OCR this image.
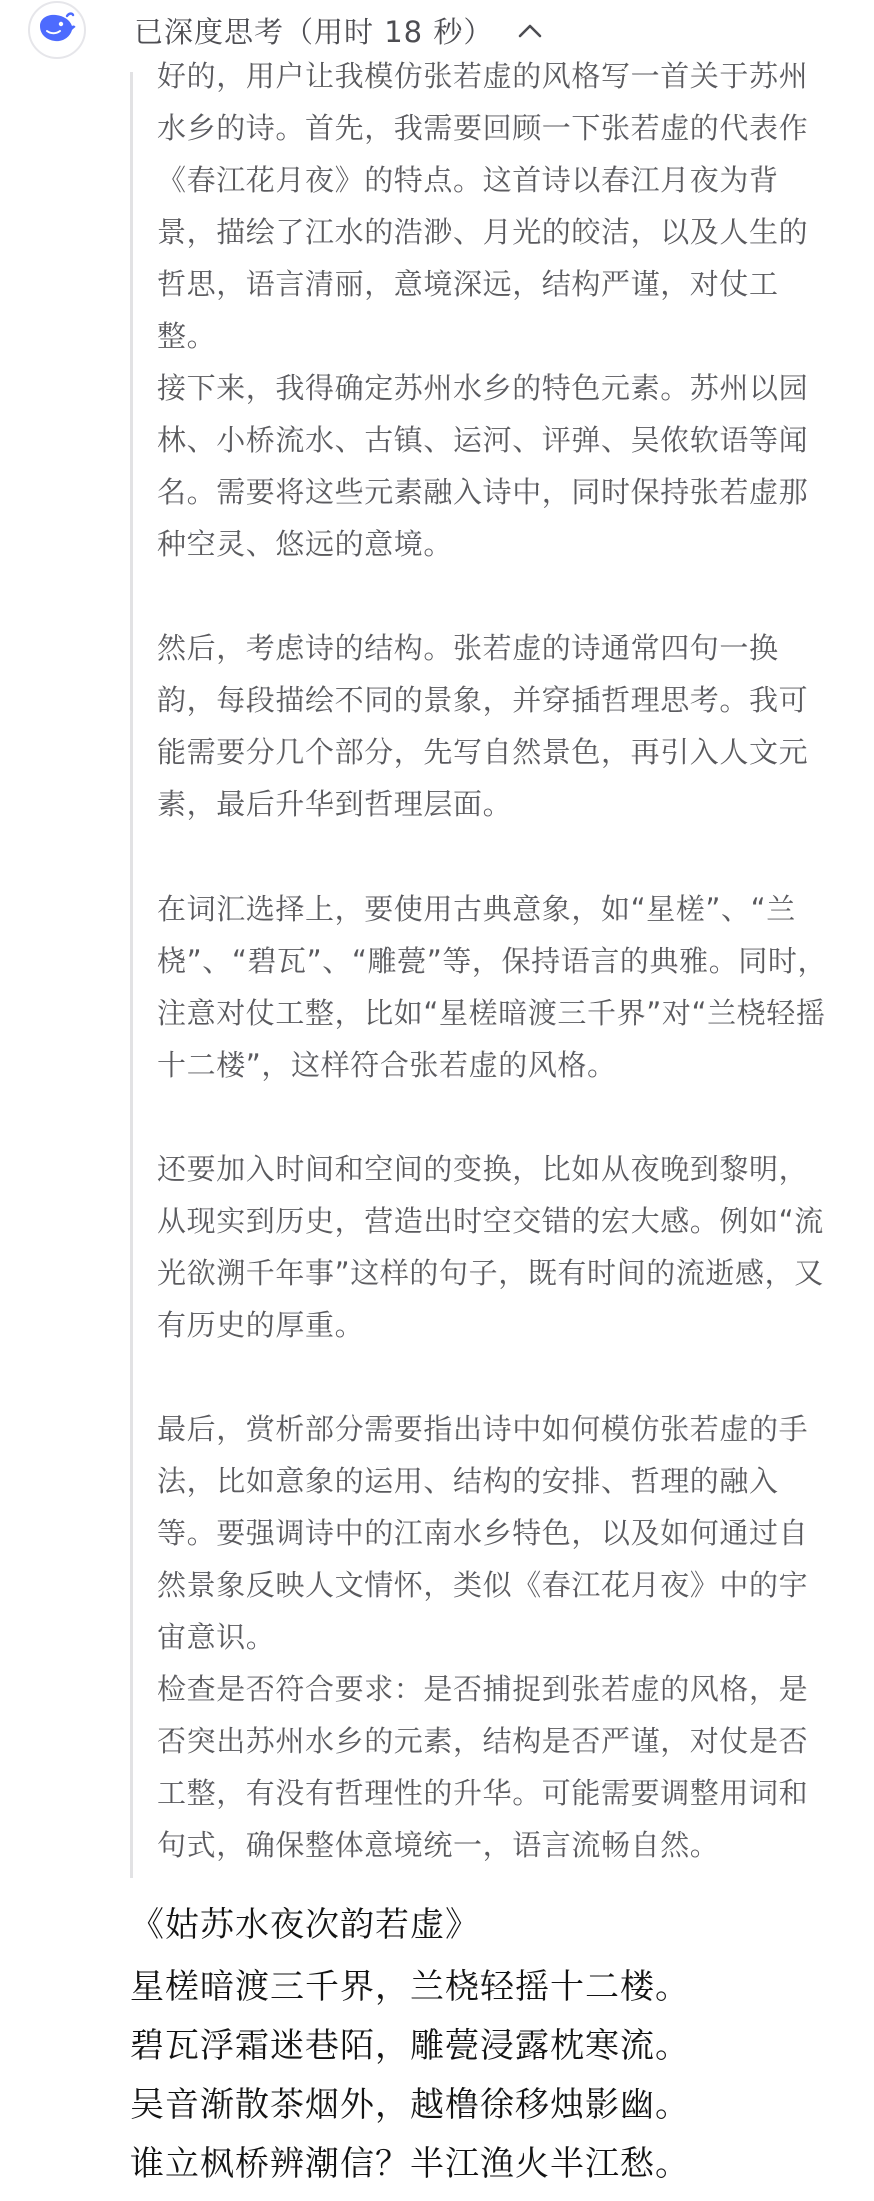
已深度思考（用时 18 秒）

好的，用户让我模仿张若虚的风格写一首关于苏州水乡的诗。首先，我需要回顾一下张若虚的代表作《春江花月夜》的特点。这首诗以春江月夜为背景，描绘了江水的浩渺、月光的皎洁，以及人生的哲思，语言清丽，意境深远，结构严谨，对仗工整。

接下来，我得确定苏州水乡的特色元素。苏州以园林、小桥流水、古镇、运河、评弹、吴侬软语等闻名。需要将这些元素融入诗中，同时保持张若虚那种空灵、悠远的意境。

然后，考虑诗的结构。张若虚的诗通常四句一换韵，每段描绘不同的景象，并穿插哲理思考。我可能需要分几个部分，先写自然景色，再引入人文元素，最后升华到哲理层面。

在词汇选择上，要使用古典意象，如“星槎”、“兰桡”、“碧瓦”、“雕甍”等，保持语言的典雅。同时，注意对仗工整，比如“星槎暗渡三千界”对“兰桡轻摇十二楼”，这样符合张若虚的风格。

还要加入时间和空间的变换，比如从夜晚到黎明，从现实到历史，营造出时空交错的宏大感。例如“流光欲溯千年事”这样的句子，既有时间的流逝感，又有历史的厚重。

最后，赏析部分需要指出诗中如何模仿张若虚的手法，比如意象的运用、结构的安排、哲理的融入等。要强调诗中的江南水乡特色，以及如何通过自然景象反映人文情怀，类似《春江花月夜》中的宇宙意识。

检查是否符合要求：是否捕捉到张若虚的风格，是否突出苏州水乡的元素，结构是否严谨，对仗是否工整，有没有哲理性的升华。可能需要调整用词和句式，确保整体意境统一，语言流畅自然。

《姑苏水夜次韵若虚》

星槎暗渡三千界，兰桡轻摇十二楼。

碧瓦浮霜迷巷陌，雕甍浸露枕寒流。

吴音渐散茶烟外，越橹徐移烛影幽。

谁立枫桥辨潮信？半江渔火半江愁。
